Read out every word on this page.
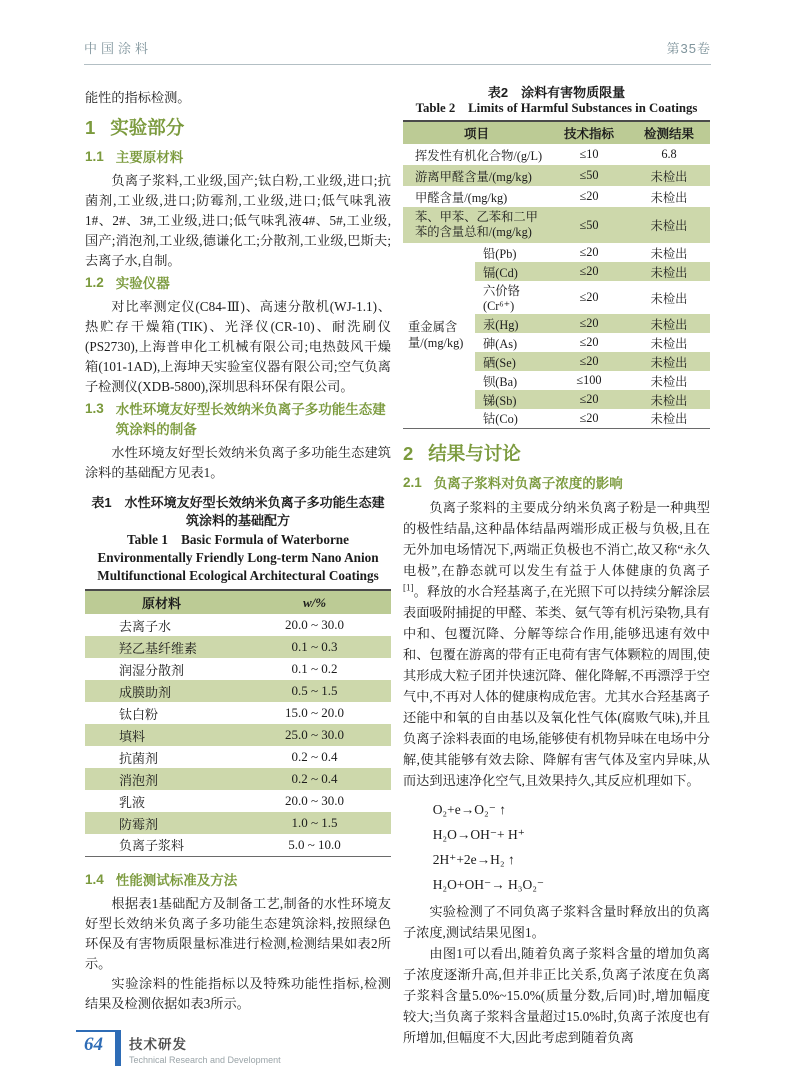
中国涂料	第35卷

能性的指标检测。

1 实验部分
1.1 主要原材料

负离子浆料,工业级,国产;钛白粉,工业级,进口;抗菌剂,工业级,进口;防霉剂,工业级,进口;低气味乳液1#、2#、3#,工业级,进口;低气味乳液4#、5#,工业级,国产;消泡剂,工业级,德谦化工;分散剂,工业级,巴斯夫;去离子水,自制。

1.2 实验仪器

对比率测定仪(C84-Ⅲ)、高速分散机(WJ-1.1)、热贮存干燥箱(TIK)、光泽仪(CR-10)、耐洗刷仪(PS2730),上海普申化工机械有限公司;电热鼓风干燥箱(101-1AD),上海坤天实验室仪器有限公司;空气负离子检测仪(XDB-5800),深圳思科环保有限公司。

1.3 水性环境友好型长效纳米负离子多功能生态建筑涂料的制备

水性环境友好型长效纳米负离子多功能生态建筑涂料的基础配方见表1。

表1　水性环境友好型长效纳米负离子多功能生态建筑涂料的基础配方
Table 1　Basic Formula of Waterborne Environmentally Friendly Long-term Nano Anion Multifunctional Ecological Architectural Coatings
原材料	w/%
去离子水	20.0 ~ 30.0
羟乙基纤维素	0.1 ~ 0.3
润湿分散剂	0.1 ~ 0.2
成膜助剂	0.5 ~ 1.5
钛白粉	15.0 ~ 20.0
填料	25.0 ~ 30.0
抗菌剂	0.2 ~ 0.4
消泡剂	0.2 ~ 0.4
乳液	20.0 ~ 30.0
防霉剂	1.0 ~ 1.5
负离子浆料	5.0 ~ 10.0
1.4 性能测试标准及方法

根据表1基础配方及制备工艺,制备的水性环境友好型长效纳米负离子多功能生态建筑涂料,按照绿色环保及有害物质限量标准进行检测,检测结果如表2所示。

实验涂料的性能指标以及特殊功能性指标,检测结果及检测依据如表3所示。

表2　涂料有害物质限量
Table 2　Limits of Harmful Substances in Coatings
项目		技术指标	检测结果
挥发性有机化合物/(g/L)		≤10	6.8
游离甲醛含量/(mg/kg)		≤50	未检出
甲醛含量/(mg/kg)		≤20	未检出
苯、甲苯、乙苯和二甲苯的含量总和/(mg/kg)		≤50	未检出
重金属含量/(mg/kg)	铅(Pb)	≤20	未检出
	镉(Cd)	≤20	未检出
	六价铬(Cr⁶⁺)	≤20	未检出
	汞(Hg)	≤20	未检出
	砷(As)	≤20	未检出
	硒(Se)	≤20	未检出
	钡(Ba)	≤100	未检出
	锑(Sb)	≤20	未检出
	钴(Co)	≤20	未检出
2 结果与讨论
2.1 负离子浆料对负离子浓度的影响

负离子浆料的主要成分纳米负离子粉是一种典型的极性结晶,这种晶体结晶两端形成正极与负极,且在无外加电场情况下,两端正负极也不消亡,故又称“永久电极”,在静态就可以发生有益于人体健康的负离子[1]。释放的水合羟基离子,在光照下可以持续分解涂层表面吸附捕捉的甲醛、苯类、氨气等有机污染物,具有中和、包覆沉降、分解等综合作用,能够迅速有效中和、包覆在游离的带有正电荷有害气体颗粒的周围,使其形成大粒子团并快速沉降、催化降解,不再漂浮于空气中,不再对人体的健康构成危害。尤其水合羟基离子还能中和氧的自由基以及氧化性气体(腐败气味),并且负离子涂料表面的电场,能够使有机物异味在电场中分解,使其能够有效去除、降解有害气体及室内异味,从而达到迅速净化空气,且效果持久,其反应机理如下。

O₂+e→O₂⁻ ↑
H₂O→OH⁻+ H⁺
2H⁺+2e→H₂ ↑
H₂O+OH⁻→ H₃O₂⁻

实验检测了不同负离子浆料含量时释放出的负离子浓度,测试结果见图1。

由图1可以看出,随着负离子浆料含量的增加负离子浓度逐渐升高,但并非正比关系,负离子浓度在负离子浆料含量5.0%~15.0%(质量分数,后同)时,增加幅度较大;当负离子浆料含量超过15.0%时,负离子浓度也有所增加,但幅度不大,因此考虑到随着负离

64	技术研发
Technical Research and Development
